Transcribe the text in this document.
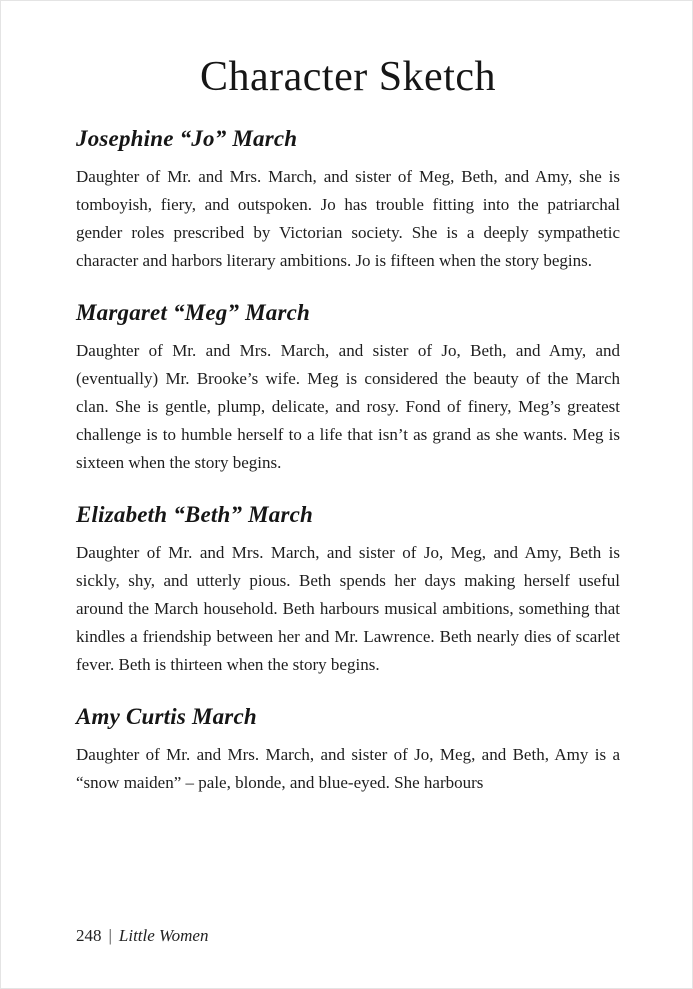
Character Sketch
Josephine “Jo” March

Daughter of Mr. and Mrs. March, and sister of Meg, Beth, and Amy, she is tomboyish, fiery, and outspoken. Jo has trouble fitting into the patriarchal gender roles prescribed by Victorian society. She is a deeply sympathetic character and harbors literary ambitions. Jo is fifteen when the story begins.

Margaret “Meg” March

Daughter of Mr. and Mrs. March, and sister of Jo, Beth, and Amy, and (eventually) Mr. Brooke’s wife. Meg is considered the beauty of the March clan. She is gentle, plump, delicate, and rosy. Fond of finery, Meg’s greatest challenge is to humble herself to a life that isn’t as grand as she wants. Meg is sixteen when the story begins.

Elizabeth “Beth” March

Daughter of Mr. and Mrs. March, and sister of Jo, Meg, and Amy, Beth is sickly, shy, and utterly pious. Beth spends her days making herself useful around the March household. Beth harbours musical ambitions, something that kindles a friendship between her and Mr. Lawrence. Beth nearly dies of scarlet fever. Beth is thirteen when the story begins.

Amy Curtis March

Daughter of Mr. and Mrs. March, and sister of Jo, Meg, and Beth, Amy is a “snow maiden” – pale, blonde, and blue-eyed. She harbours

248 | Little Women
